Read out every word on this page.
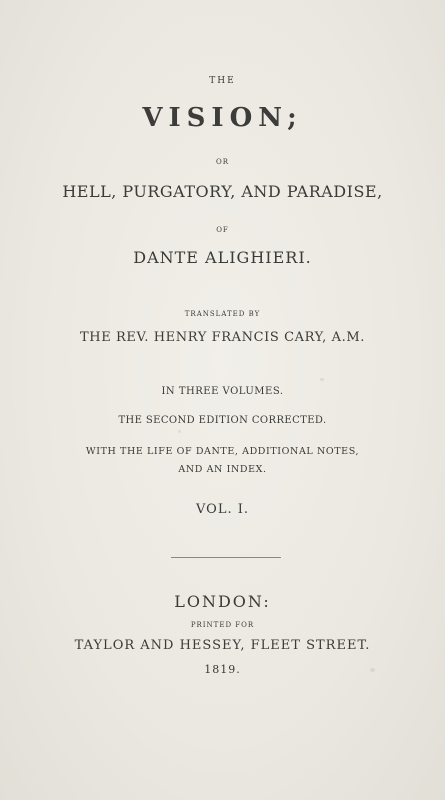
THE
VISION;
OR
HELL, PURGATORY, AND PARADISE,
OF
DANTE ALIGHIERI.
TRANSLATED BY
THE REV. HENRY FRANCIS CARY, A.M.
IN THREE VOLUMES.
THE SECOND EDITION CORRECTED.
WITH THE LIFE OF DANTE, ADDITIONAL NOTES,
AND AN INDEX.
VOL. I.
LONDON:
PRINTED FOR
TAYLOR AND HESSEY, FLEET STREET.
1819.
